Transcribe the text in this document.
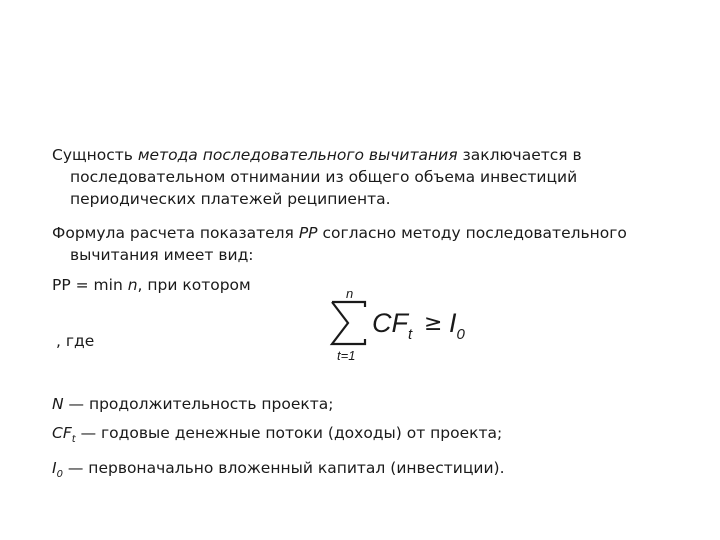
Сущность метода последовательного вычитания заключается в
последовательном отнимании из общего объема инвестиций
периодических платежей реципиента.
Формула расчета показателя PP согласно методу последовательного
вычитания имеет вид:
PP = min n, при котором	n
t=1
$CF_t \ge I_0$
, где
N — продолжительность проекта;
$CF_t$ — годовые денежные потоки (доходы) от проекта;
$I_0$ — первоначально вложенный капитал (инвестиции).
